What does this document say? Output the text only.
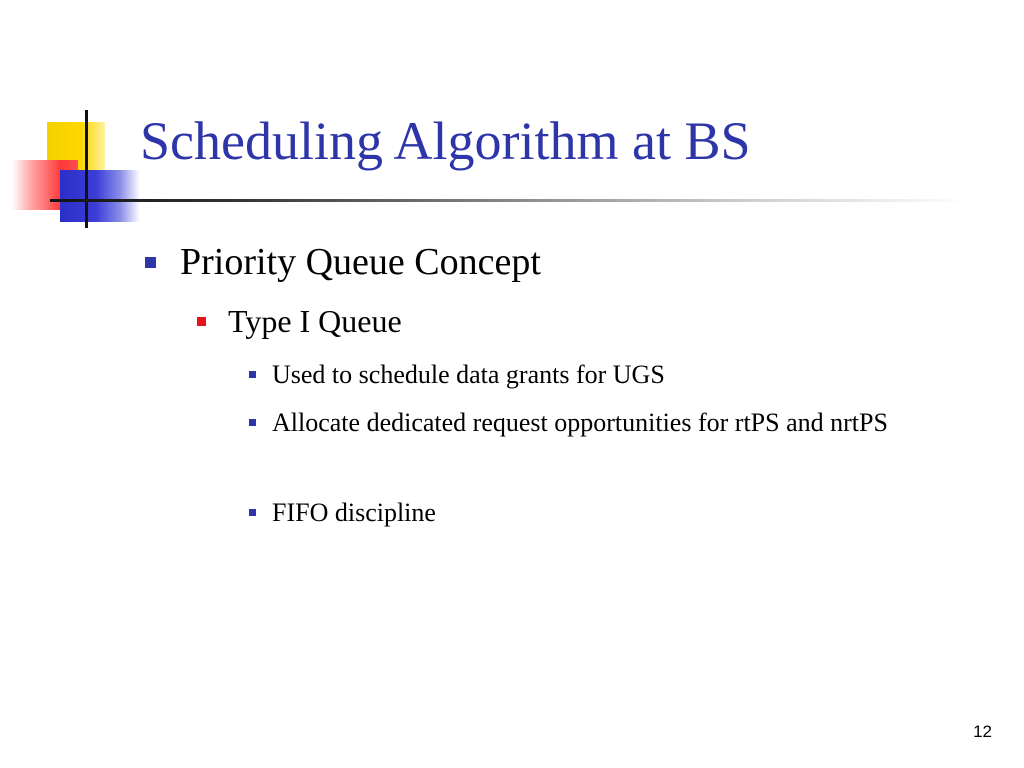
Scheduling Algorithm at BS
Priority Queue Concept
Type I Queue
Used to schedule data grants for UGS
Allocate dedicated request opportunities for rtPS and nrtPS
FIFO discipline
12
